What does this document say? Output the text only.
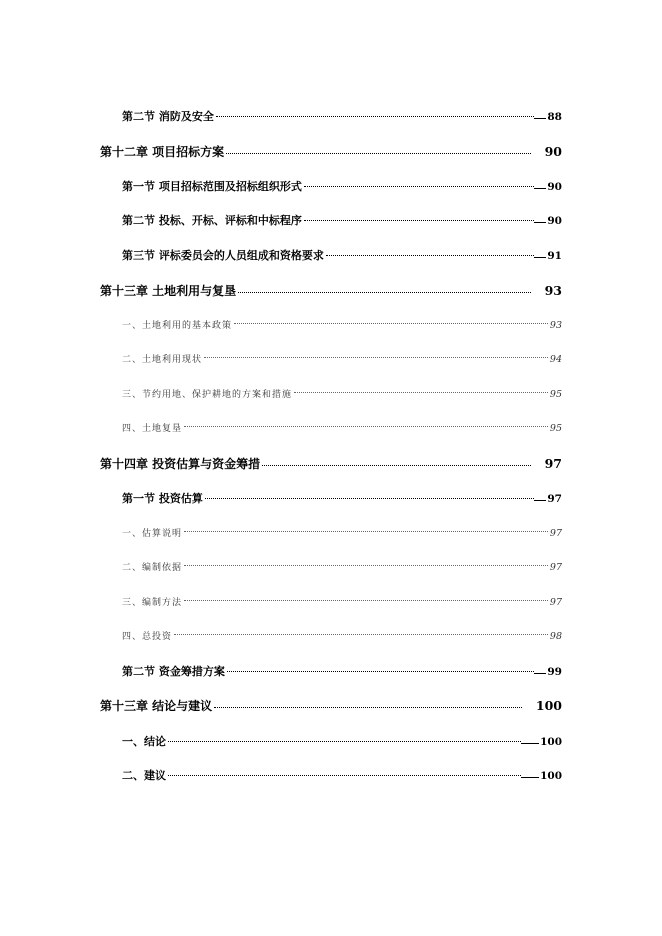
第二节 消防及安全	88
第十二章 项目招标方案	90
第一节 项目招标范围及招标组织形式	90
第二节 投标、开标、评标和中标程序	90
第三节 评标委员会的人员组成和资格要求	91
第十三章 土地利用与复垦	93
一、土地利用的基本政策	93
二、土地利用现状	94
三、节约用地、保护耕地的方案和措施	95
四、土地复垦	95
第十四章 投资估算与资金筹措	97
第一节 投资估算	97
一、估算说明	97
二、编制依据	97
三、编制方法	97
四、总投资	98
第二节 资金筹措方案	99
第十三章 结论与建议	100
一、结论	100
二、建议	100
